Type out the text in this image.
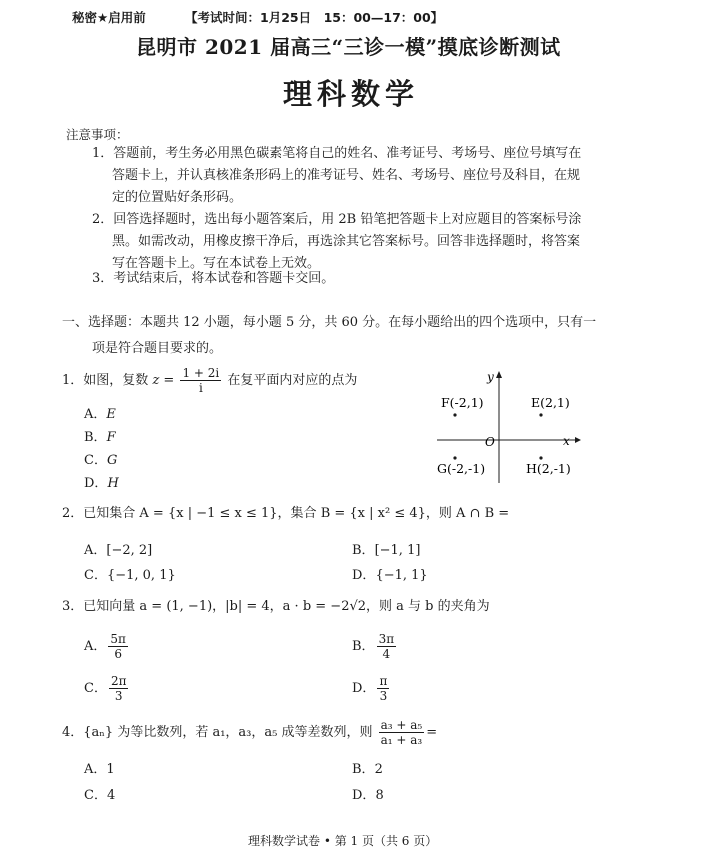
秘密★启用前	【考试时间：1月25日　15：00—17：00】
昆明市 2021 届高三“三诊一模”摸底诊断测试
理科数学
注意事项：
1．答题前，考生务必用黑色碳素笔将自己的姓名、准考证号、考场号、座位号填写在
答题卡上，并认真核准条形码上的准考证号、姓名、考场号、座位号及科目，在规
定的位置贴好条形码。
2．回答选择题时，选出每小题答案后，用 2B 铅笔把答题卡上对应题目的答案标号涂
黑。如需改动，用橡皮擦干净后，再选涂其它答案标号。回答非选择题时，将答案
写在答题卡上。写在本试卷上无效。
3．考试结束后，将本试卷和答题卡交回。
一、选择题：本题共 12 小题，每小题 5 分，共 60 分。在每小题给出的四个选项中，只有一
项是符合题目要求的。
1．如图，复数 $z = \frac{1 + 2i}{i}$ 在复平面内对应的点为
A．E
B．F
C．G
D．H
y
x
O
F(-2,1)	E(2,1)
G(-2,-1)	H(2,-1)
2．已知集合 A = {x | −1 ≤ x ≤ 1}，集合 B = {x | x² ≤ 4}，则 A ∩ B =
A．[−2, 2]	B．[−1, 1]
C．{−1, 0, 1}	D．{−1, 1}
3．已知向量 a = (1, −1)，|b| = 4，a · b = −2√2，则 a 与 b 的夹角为
A． $\frac{5\pi}{6}$	B． $\frac{3\pi}{4}$
C． $\frac{2\pi}{3}$	D． $\frac{\pi}{3}$
4．{aₙ} 为等比数列，若 a₁，a₃，a₅ 成等差数列，则 $\frac{\text{a₃ + a₅}}{\text{a₁ + a₃}}$ =
A．1	B．2
C．4	D．8
理科数学试卷 • 第 1 页（共 6 页）
